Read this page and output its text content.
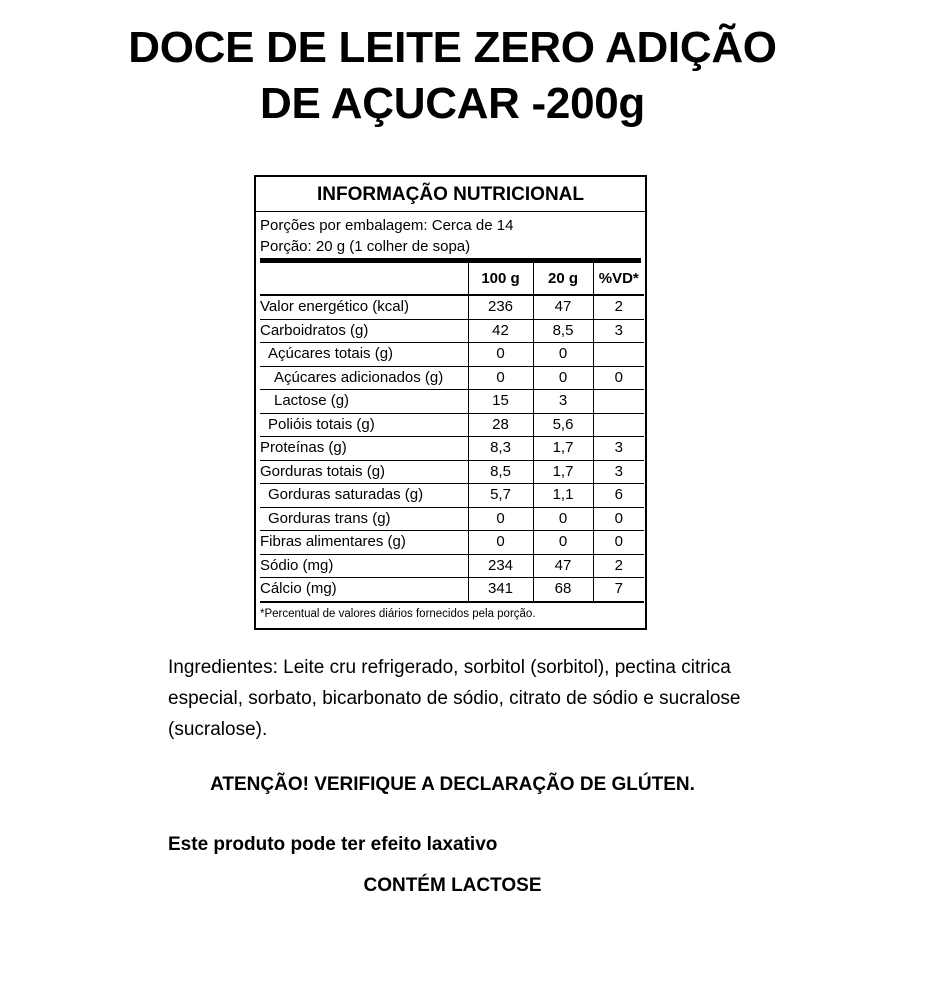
DOCE DE LEITE ZERO ADIÇÃO
DE AÇUCAR -200g
INFORMAÇÃO NUTRICIONAL
Porções por embalagem: Cerca de 14
Porção: 20 g (1 colher de sopa)
	100 g	20 g	%VD*
Valor energético (kcal)	236	47	2
Carboidratos (g)	42	8,5	3
Açúcares totais (g)	0	0	
Açúcares adicionados (g)	0	0	0
Lactose (g)	15	3	
Polióis totais (g)	28	5,6	
Proteínas (g)	8,3	1,7	3
Gorduras totais (g)	8,5	1,7	3
Gorduras saturadas (g)	5,7	1,1	6
Gorduras trans (g)	0	0	0
Fibras alimentares (g)	0	0	0
Sódio (mg)	234	47	2
Cálcio (mg)	341	68	7
*Percentual de valores diários fornecidos pela porção.
Ingredientes: Leite cru refrigerado, sorbitol (sorbitol), pectina citrica especial, sorbato, bicarbonato de sódio, citrato de sódio e sucralose (sucralose).
ATENÇÃO! VERIFIQUE A DECLARAÇÃO DE GLÚTEN.
Este produto pode ter efeito laxativo
CONTÉM LACTOSE
